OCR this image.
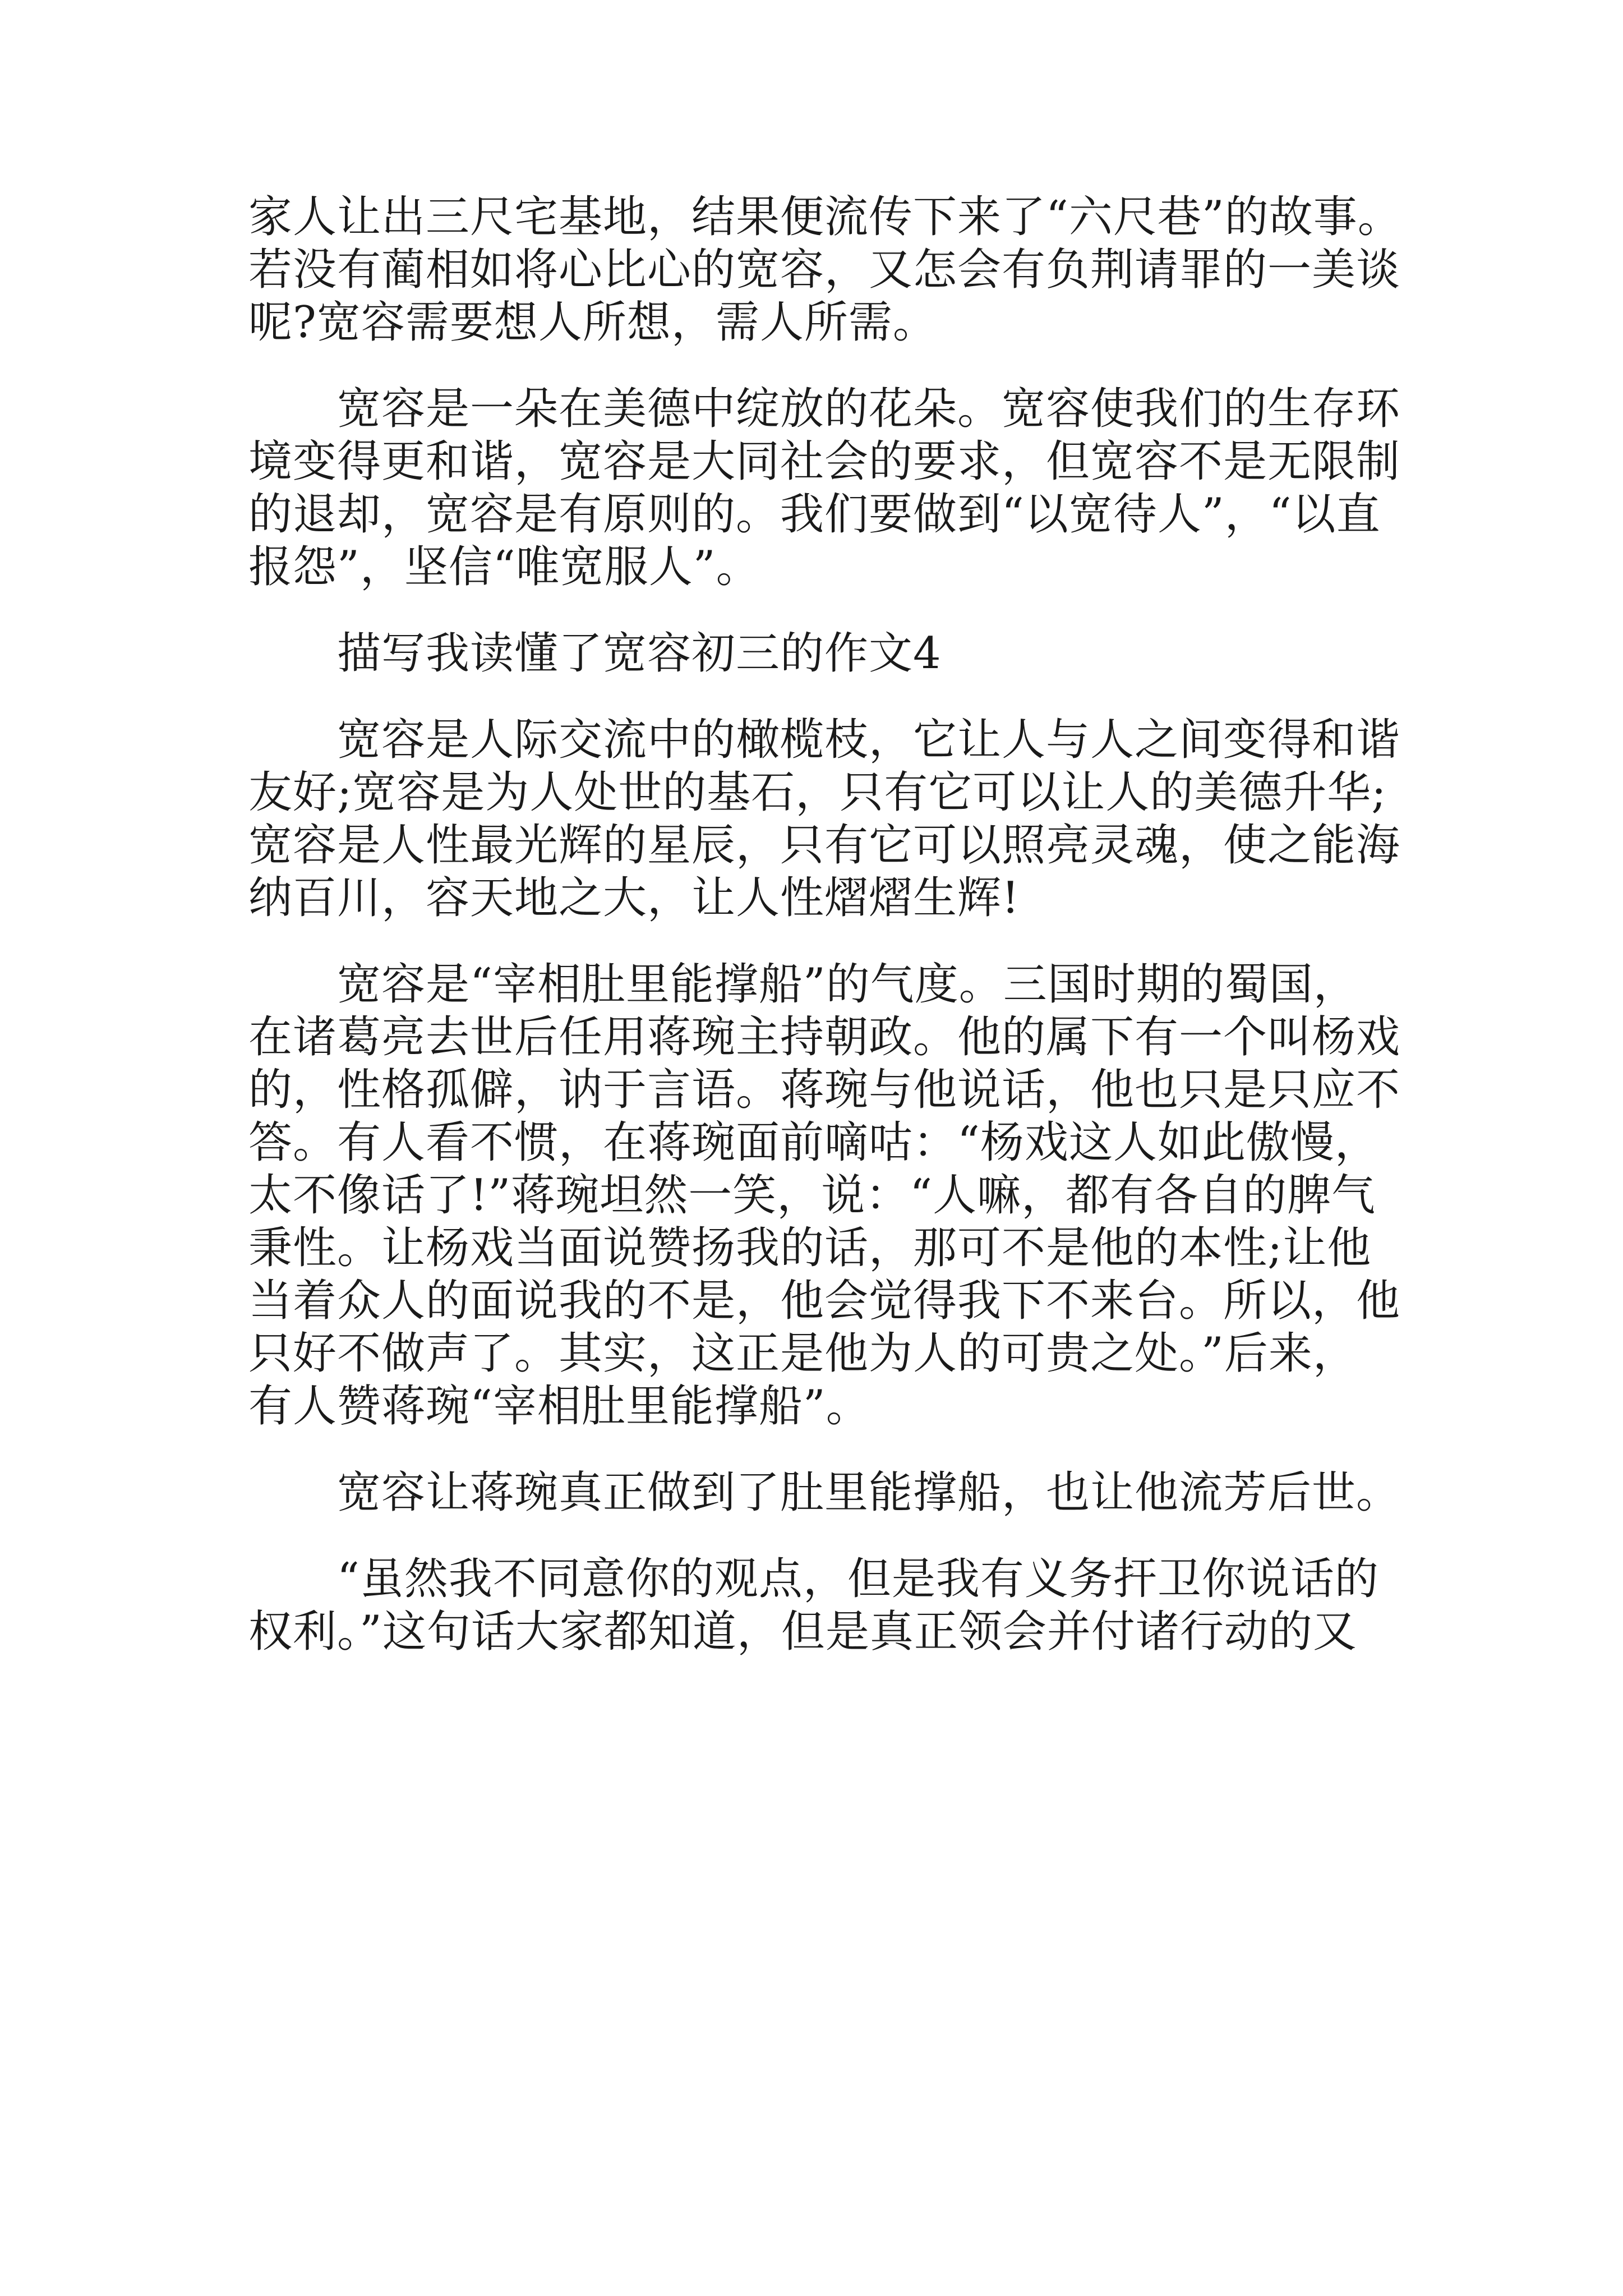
家人让出三尺宅基地，结果便流传下来了“六尺巷”的故事。

若没有蔺相如将心比心的宽容，又怎会有负荆请罪的一美谈

呢?宽容需要想人所想，需人所需。

　　宽容是一朵在美德中绽放的花朵。宽容使我们的生存环

境变得更和谐，宽容是大同社会的要求，但宽容不是无限制

的退却，宽容是有原则的。我们要做到“以宽待人”，“以直

报怨”，坚信“唯宽服人”。

　　描写我读懂了宽容初三的作文4

　　宽容是人际交流中的橄榄枝，它让人与人之间变得和谐

友好;宽容是为人处世的基石，只有它可以让人的美德升华;

宽容是人性最光辉的星辰，只有它可以照亮灵魂，使之能海

纳百川，容天地之大，让人性熠熠生辉!

　　宽容是“宰相肚里能撑船”的气度。三国时期的蜀国，

在诸葛亮去世后任用蒋琬主持朝政。他的属下有一个叫杨戏

的，性格孤僻，讷于言语。蒋琬与他说话，他也只是只应不

答。有人看不惯，在蒋琬面前嘀咕：“杨戏这人如此傲慢，

太不像话了!”蒋琬坦然一笑，说：“人嘛，都有各自的脾气

秉性。让杨戏当面说赞扬我的话，那可不是他的本性;让他

当着众人的面说我的不是，他会觉得我下不来台。所以，他

只好不做声了。其实，这正是他为人的可贵之处。”后来，

有人赞蒋琬“宰相肚里能撑船”。

　　宽容让蒋琬真正做到了肚里能撑船，也让他流芳后世。

　　“虽然我不同意你的观点，但是我有义务扞卫你说话的

权利。”这句话大家都知道，但是真正领会并付诸行动的又
